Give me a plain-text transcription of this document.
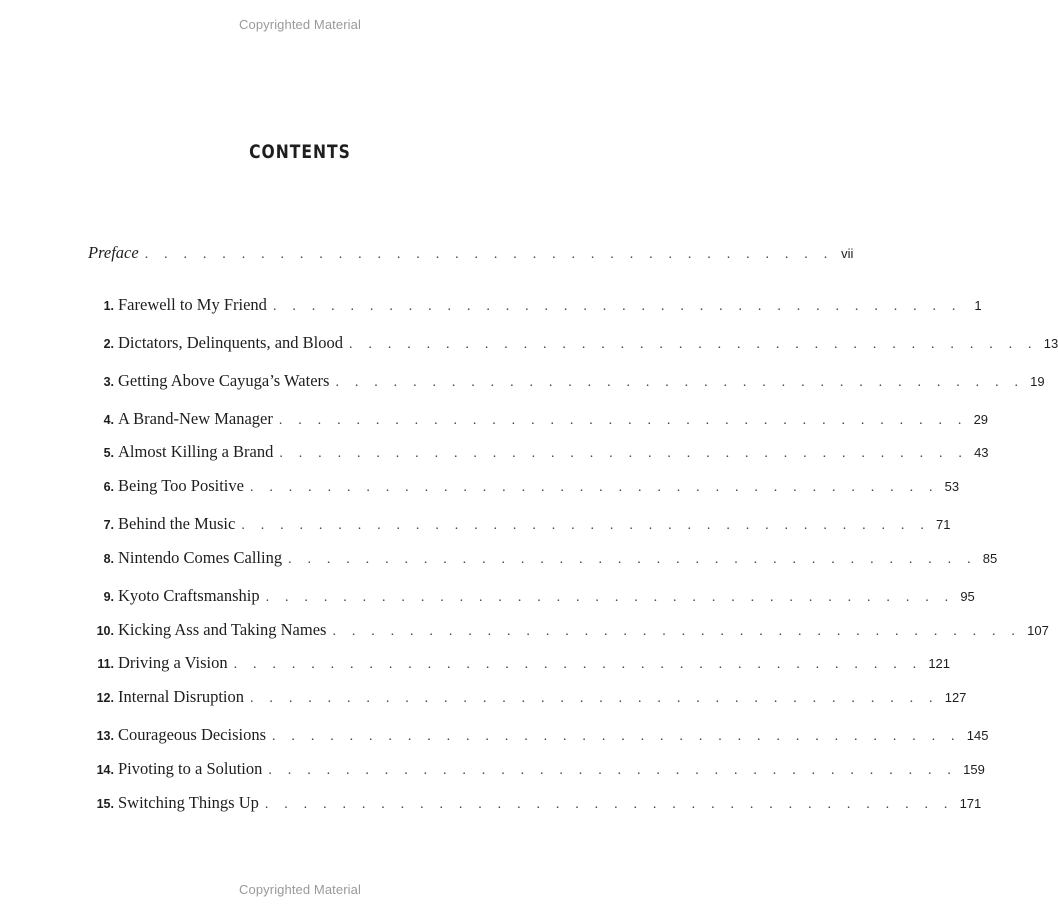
Copyrighted Material
CONTENTS
Preface . . . . . . . . . . . . . . . . . . . . . . . . . . . . . . . . . . . . vii
1. Farewell to My Friend . . . . . . . . . . . . . . . . . . . . . . . . . . . . . . . . . . . . 1
2. Dictators, Delinquents, and Blood . . . . . . . . . . . . . . . . . . . . . . . . . . . . . . . . . . . . 13
3. Getting Above Cayuga’s Waters . . . . . . . . . . . . . . . . . . . . . . . . . . . . . . . . . . . . 19
4. A Brand-New Manager . . . . . . . . . . . . . . . . . . . . . . . . . . . . . . . . . . . . 29
5. Almost Killing a Brand . . . . . . . . . . . . . . . . . . . . . . . . . . . . . . . . . . . . 43
6. Being Too Positive . . . . . . . . . . . . . . . . . . . . . . . . . . . . . . . . . . . . 53
7. Behind the Music . . . . . . . . . . . . . . . . . . . . . . . . . . . . . . . . . . . . 71
8. Nintendo Comes Calling . . . . . . . . . . . . . . . . . . . . . . . . . . . . . . . . . . . . 85
9. Kyoto Craftsmanship . . . . . . . . . . . . . . . . . . . . . . . . . . . . . . . . . . . . 95
10. Kicking Ass and Taking Names . . . . . . . . . . . . . . . . . . . . . . . . . . . . . . . . . . . . 107
11. Driving a Vision . . . . . . . . . . . . . . . . . . . . . . . . . . . . . . . . . . . . 121
12. Internal Disruption . . . . . . . . . . . . . . . . . . . . . . . . . . . . . . . . . . . . 127
13. Courageous Decisions . . . . . . . . . . . . . . . . . . . . . . . . . . . . . . . . . . . . 145
14. Pivoting to a Solution . . . . . . . . . . . . . . . . . . . . . . . . . . . . . . . . . . . . 159
15. Switching Things Up . . . . . . . . . . . . . . . . . . . . . . . . . . . . . . . . . . . . 171
Copyrighted Material
